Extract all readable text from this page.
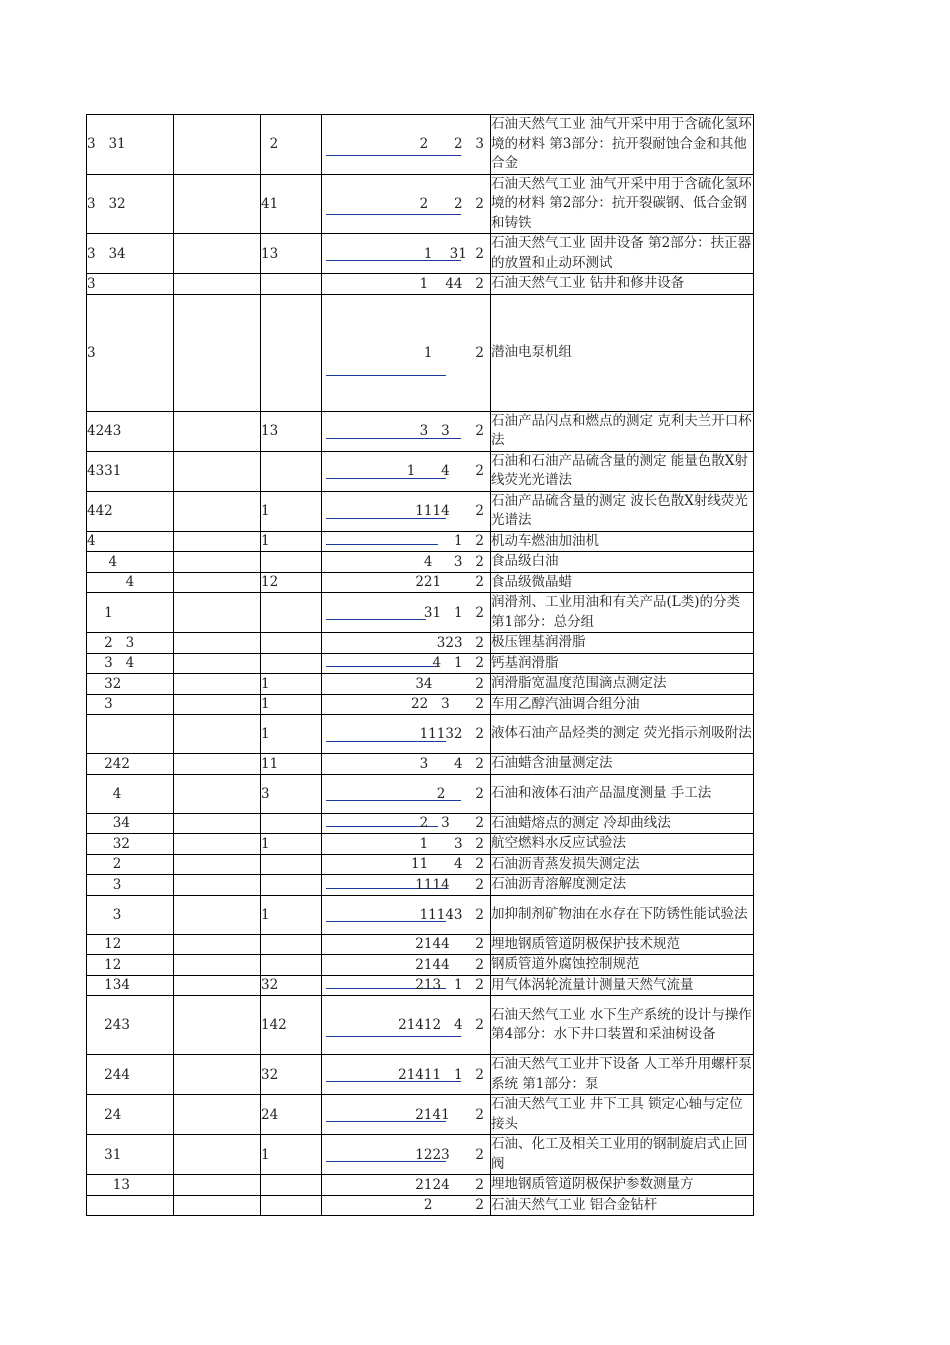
3   31		2	2      2   3	石油天然气工业 油气开采中用于含硫化氢环境的材料 第3部分：抗开裂耐蚀合金和其他合金
3   32		41	2      2   2	石油天然气工业 油气开采中用于含硫化氢环境的材料 第2部分：抗开裂碳钢、低合金钢和铸铁
3   34		13	1    31  2	石油天然气工业 固井设备 第2部分：扶正器的放置和止动环测试
3			1    44   2	石油天然气工业 钻井和修井设备
3			1          2	潜油电泵机组
4243		13	3   3      2	石油产品闪点和燃点的测定 克利夫兰开口杯法
4331			1      4      2	石油和石油产品硫含量的测定 能量色散X射线荧光光谱法
442		1	1114      2	石油产品硫含量的测定 波长色散X射线荧光光谱法
4		1	1   2	机动车燃油加油机
4			4     3   2	食品级白油
4		12	221        2	食品级微晶蜡
1			31   1   2	润滑剂、工业用油和有关产品(L类)的分类 第1部分：总分组
2   3			323   2	极压锂基润滑脂
3   4			4   1   2	钙基润滑脂
32		1	34          2	润滑脂宽温度范围滴点测定法
3		1	22   3      2	车用乙醇汽油调合组分油
		1	11132   2	液体石油产品烃类的测定 荧光指示剂吸附法
242		11	3      4   2	石油蜡含油量测定法
4		3	2       2	石油和液体石油产品温度测量 手工法
34			2   3      2	石油蜡熔点的测定 冷却曲线法
32		1	1      3   2	航空燃料水反应试验法
2			11      4   2	石油沥青蒸发损失测定法
3			1114      2	石油沥青溶解度测定法
3		1	11143   2	加抑制剂矿物油在水存在下防锈性能试验法
12			2144      2	埋地钢质管道阴极保护技术规范
12			2144      2	钢质管道外腐蚀控制规范
134		32	213   1   2	用气体涡轮流量计测量天然气流量
243		142	21412   4   2	石油天然气工业 水下生产系统的设计与操作 第4部分：水下井口装置和采油树设备
244		32	21411   1   2	石油天然气工业井下设备 人工举升用螺杆泵系统 第1部分：泵
24		24	2141      2	石油天然气工业 井下工具 锁定心轴与定位接头
31		1	1223      2	石油、化工及相关工业用的钢制旋启式止回阀
13			2124      2	埋地钢质管道阴极保护参数测量方

			2          2	石油天然气工业 铝合金钻杆
